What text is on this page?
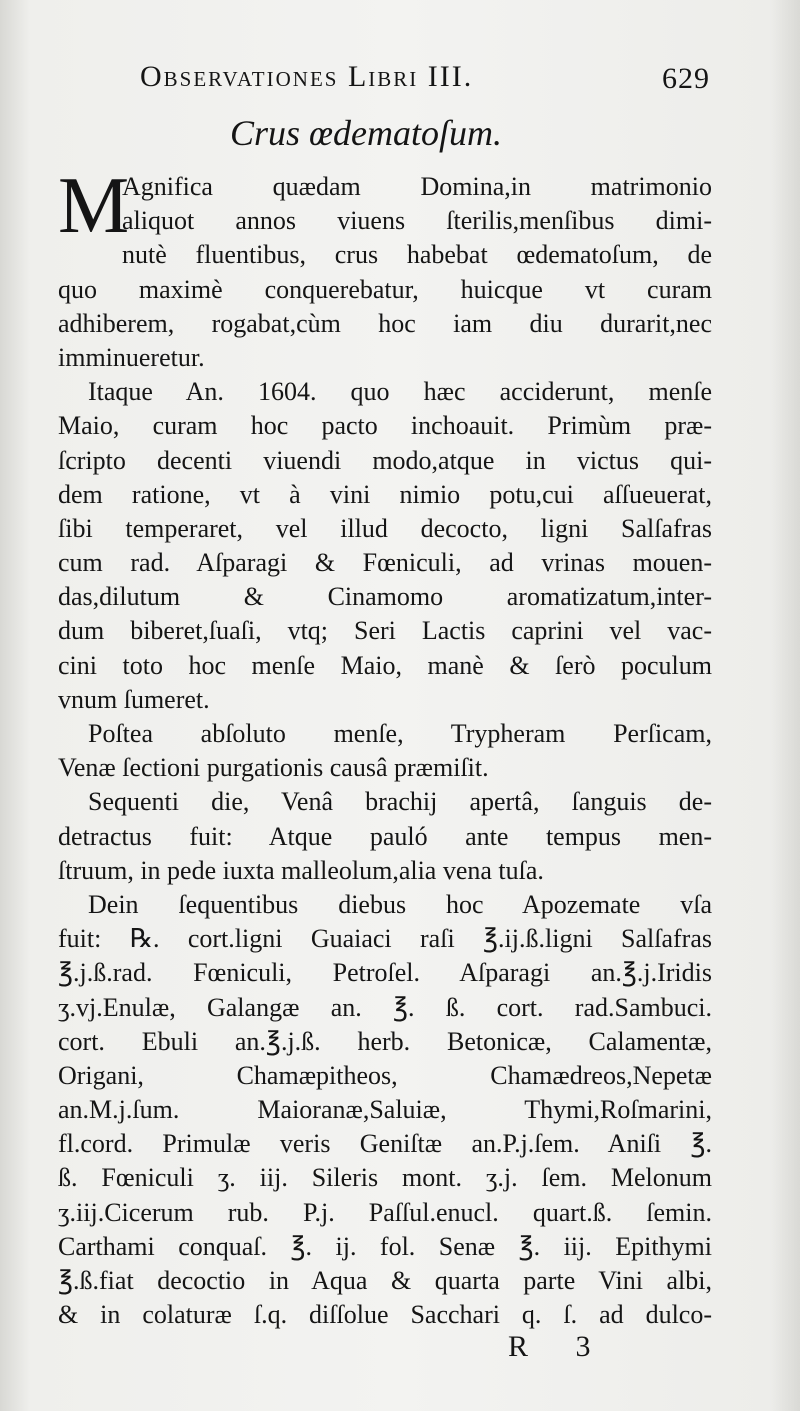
Observationes Libri III.	629
Crus œdematoſum.
M
Agnifica quædam Domina,in matrimonio
aliquot annos viuens ſterilis,menſibus dimi-
nutè fluentibus, crus habebat œdematoſum, de
quo maximè conquerebatur, huicque vt curam
adhiberem, rogabat,cùm hoc iam diu durarit,nec
imminueretur.
Itaque An. 1604. quo hæc acciderunt, menſe
Maio, curam hoc pacto inchoauit. Primùm præ-
ſcripto decenti viuendi modo,atque in victus qui-
dem ratione, vt à vini nimio potu,cui aſſueuerat,
ſibi temperaret, vel illud decocto, ligni Salſafras
cum rad. Aſparagi & Fœniculi, ad vrinas mouen-
das,dilutum & Cinamomo aromatizatum,inter-
dum biberet,ſuaſi, vtq; Seri Lactis caprini vel vac-
cini toto hoc menſe Maio, manè & ſerò poculum
vnum ſumeret.
Poſtea abſoluto menſe, Trypheram Perſicam,
Venæ ſectioni purgationis causâ præmiſit.
Sequenti die, Venâ brachij apertâ, ſanguis de-
detractus fuit: Atque pauló ante tempus men-
ſtruum, in pede iuxta malleolum,alia vena tuſa.
Dein ſequentibus diebus hoc Apozemate vſa
fuit: ℞. cort.ligni Guaiaci raſi ℥.ij.ß.ligni Salſafras
℥.j.ß.rad. Fœniculi, Petroſel. Aſparagi an.℥.j.Iridis
ʒ.vj.Enulæ, Galangæ an. ℥. ß. cort. rad.Sambuci.
cort. Ebuli an.℥.j.ß. herb. Betonicæ, Calamentæ,
Origani, Chamæpitheos, Chamædreos,Nepetæ
an.M.j.ſum. Maioranæ,Saluiæ, Thymi,Roſmarini,
fl.cord. Primulæ veris Geniſtæ an.P.j.ſem. Aniſi ℥.
ß. Fœniculi ʒ. iij. Sileris mont. ʒ.j. ſem. Melonum
ʒ.iij.Cicerum rub. P.j. Paſſul.enucl. quart.ß. ſemin.
Carthami conquaſ. ℥. ij. fol. Senæ ℥. iij. Epithymi
℥.ß.fiat decoctio in Aqua & quarta parte Vini albi,
& in colaturæ ſ.q. diſſolue Sacchari q. ſ. ad dulco-
R 3
